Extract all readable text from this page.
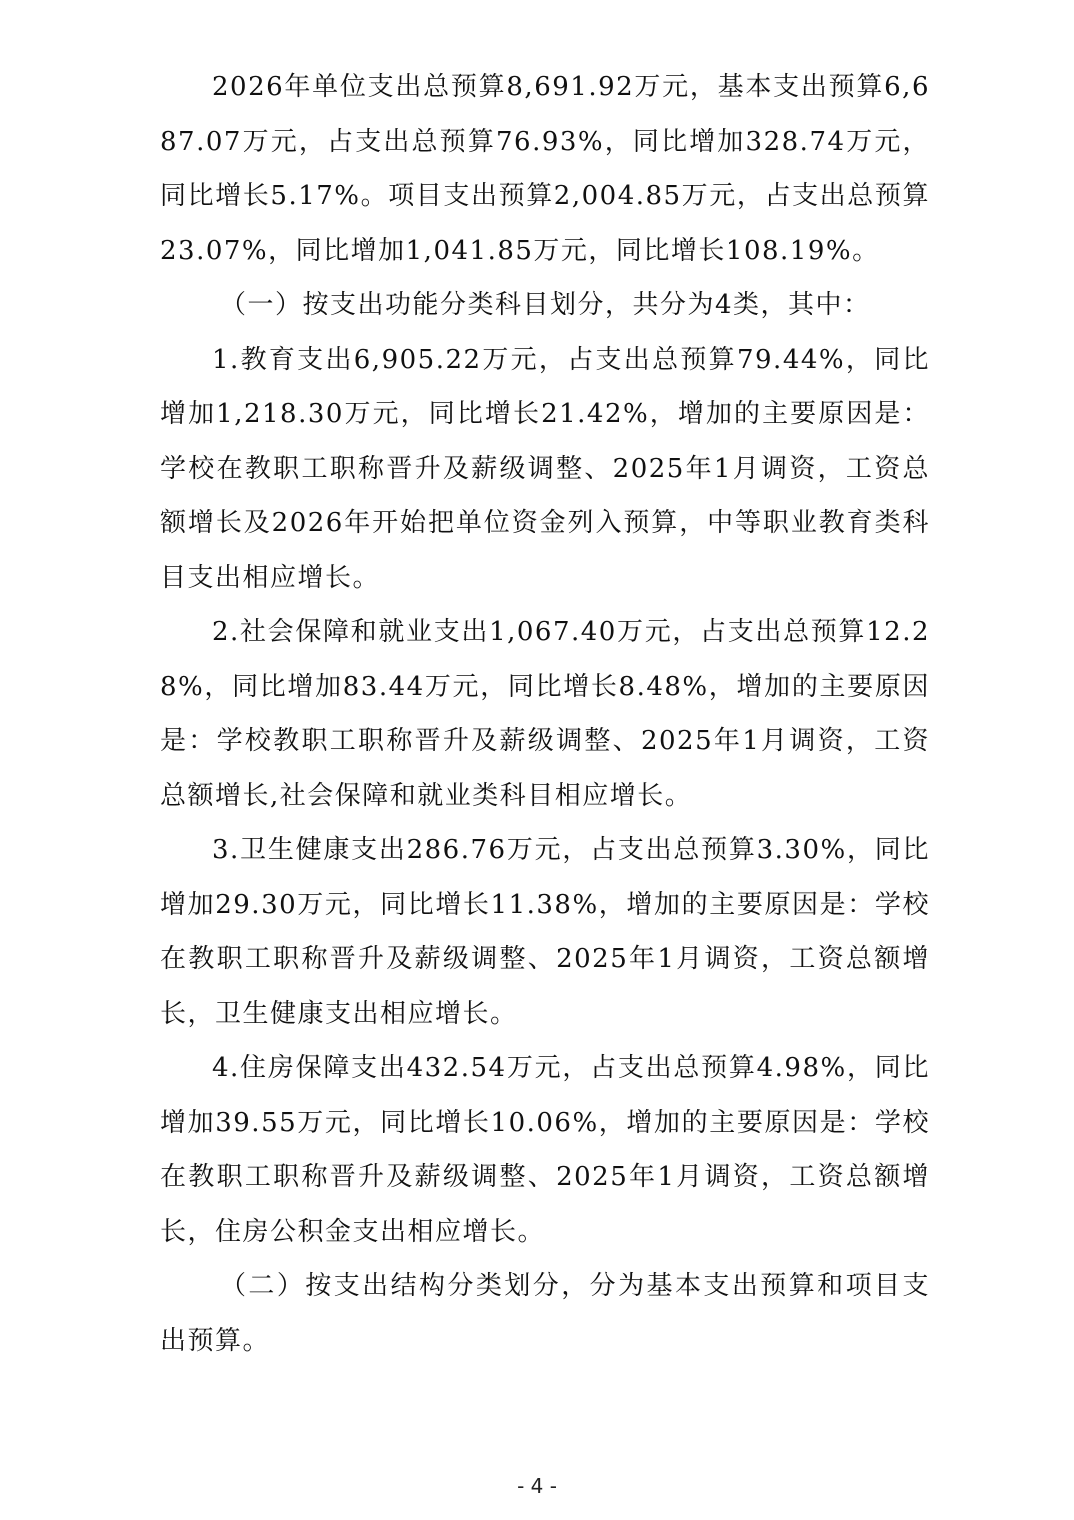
2026年单位支出总预算8,691.92万元，基本支出预算6,687.07万元，占支出总预算76.93%，同比增加328.74万元，同比增长5.17%。项目支出预算2,004.85万元，占支出总预算23.07%，同比增加1,041.85万元，同比增长108.19%。

（一）按支出功能分类科目划分，共分为4类，其中：

1.教育支出6,905.22万元，占支出总预算79.44%，同比增加1,218.30万元，同比增长21.42%，增加的主要原因是：学校在教职工职称晋升及薪级调整、2025年1月调资，工资总额增长及2026年开始把单位资金列入预算，中等职业教育类科目支出相应增长。

2.社会保障和就业支出1,067.40万元，占支出总预算12.28%，同比增加83.44万元，同比增长8.48%，增加的主要原因是：学校教职工职称晋升及薪级调整、2025年1月调资，工资总额增长,社会保障和就业类科目相应增长。

3.卫生健康支出286.76万元，占支出总预算3.30%，同比增加29.30万元，同比增长11.38%，增加的主要原因是：学校在教职工职称晋升及薪级调整、2025年1月调资，工资总额增长，卫生健康支出相应增长。

4.住房保障支出432.54万元，占支出总预算4.98%，同比增加39.55万元，同比增长10.06%，增加的主要原因是：学校在教职工职称晋升及薪级调整、2025年1月调资，工资总额增长，住房公积金支出相应增长。

（二）按支出结构分类划分，分为基本支出预算和项目支出预算。

- 4 -
